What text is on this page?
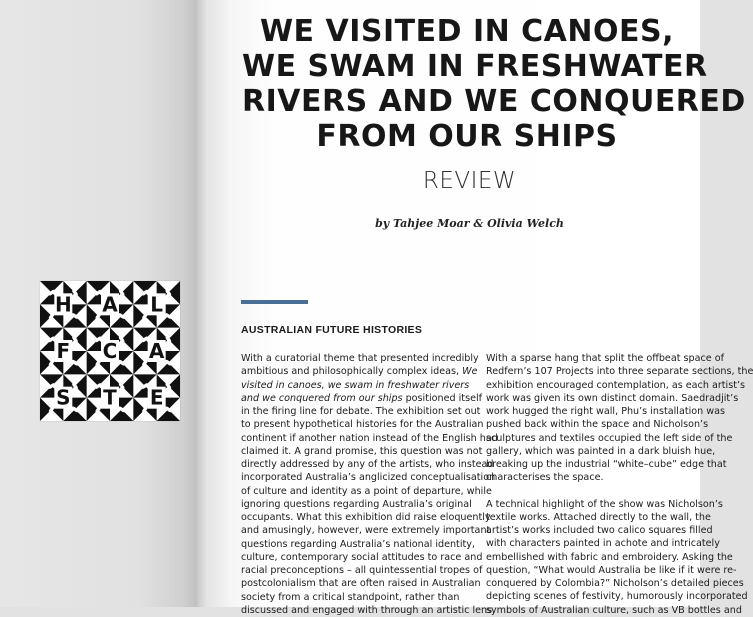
H A L
F C A
S T E
WE VISITED IN CANOES,
WE SWAM IN FRESHWATER
RIVERS AND WE CONQUERED
FROM OUR SHIPS
REVIEW
by Tahjee Moar & Olivia Welch
AUSTRALIAN FUTURE HISTORIES
With a curatorial theme that presented incredibly
ambitious and philosophically complex ideas, We
visited in canoes, we swam in freshwater rivers
and we conquered from our ships positioned itself
in the firing line for debate. The exhibition set out
to present hypothetical histories for the Australian
continent if another nation instead of the English had
claimed it. A grand promise, this question was not
directly addressed by any of the artists, who instead
incorporated Australia’s anglicized conceptualisation
of culture and identity as a point of departure, while
ignoring questions regarding Australia’s original
occupants. What this exhibition did raise eloquently
and amusingly, however, were extremely important
questions regarding Australia’s national identity,
culture, contemporary social attitudes to race and
racial preconceptions – all quintessential tropes of
postcolonialism that are often raised in Australian
society from a critical standpoint, rather than
discussed and engaged with through an artistic lens.
With a sparse hang that split the offbeat space of
Redfern’s 107 Projects into three separate sections, the
exhibition encouraged contemplation, as each artist’s
work was given its own distinct domain. Saedradjit’s
work hugged the right wall, Phu’s installation was
pushed back within the space and Nicholson’s
sculptures and textiles occupied the left side of the
gallery, which was painted in a dark bluish hue,
breaking up the industrial “white–cube” edge that
characterises the space.
A technical highlight of the show was Nicholson’s
textile works. Attached directly to the wall, the
artist’s works included two calico squares filled
with characters painted in achote and intricately
embellished with fabric and embroidery. Asking the
question, “What would Australia be like if it were re-
conquered by Colombia?” Nicholson’s detailed pieces
depicting scenes of festivity, humorously incorporated
symbols of Australian culture, such as VB bottles and
